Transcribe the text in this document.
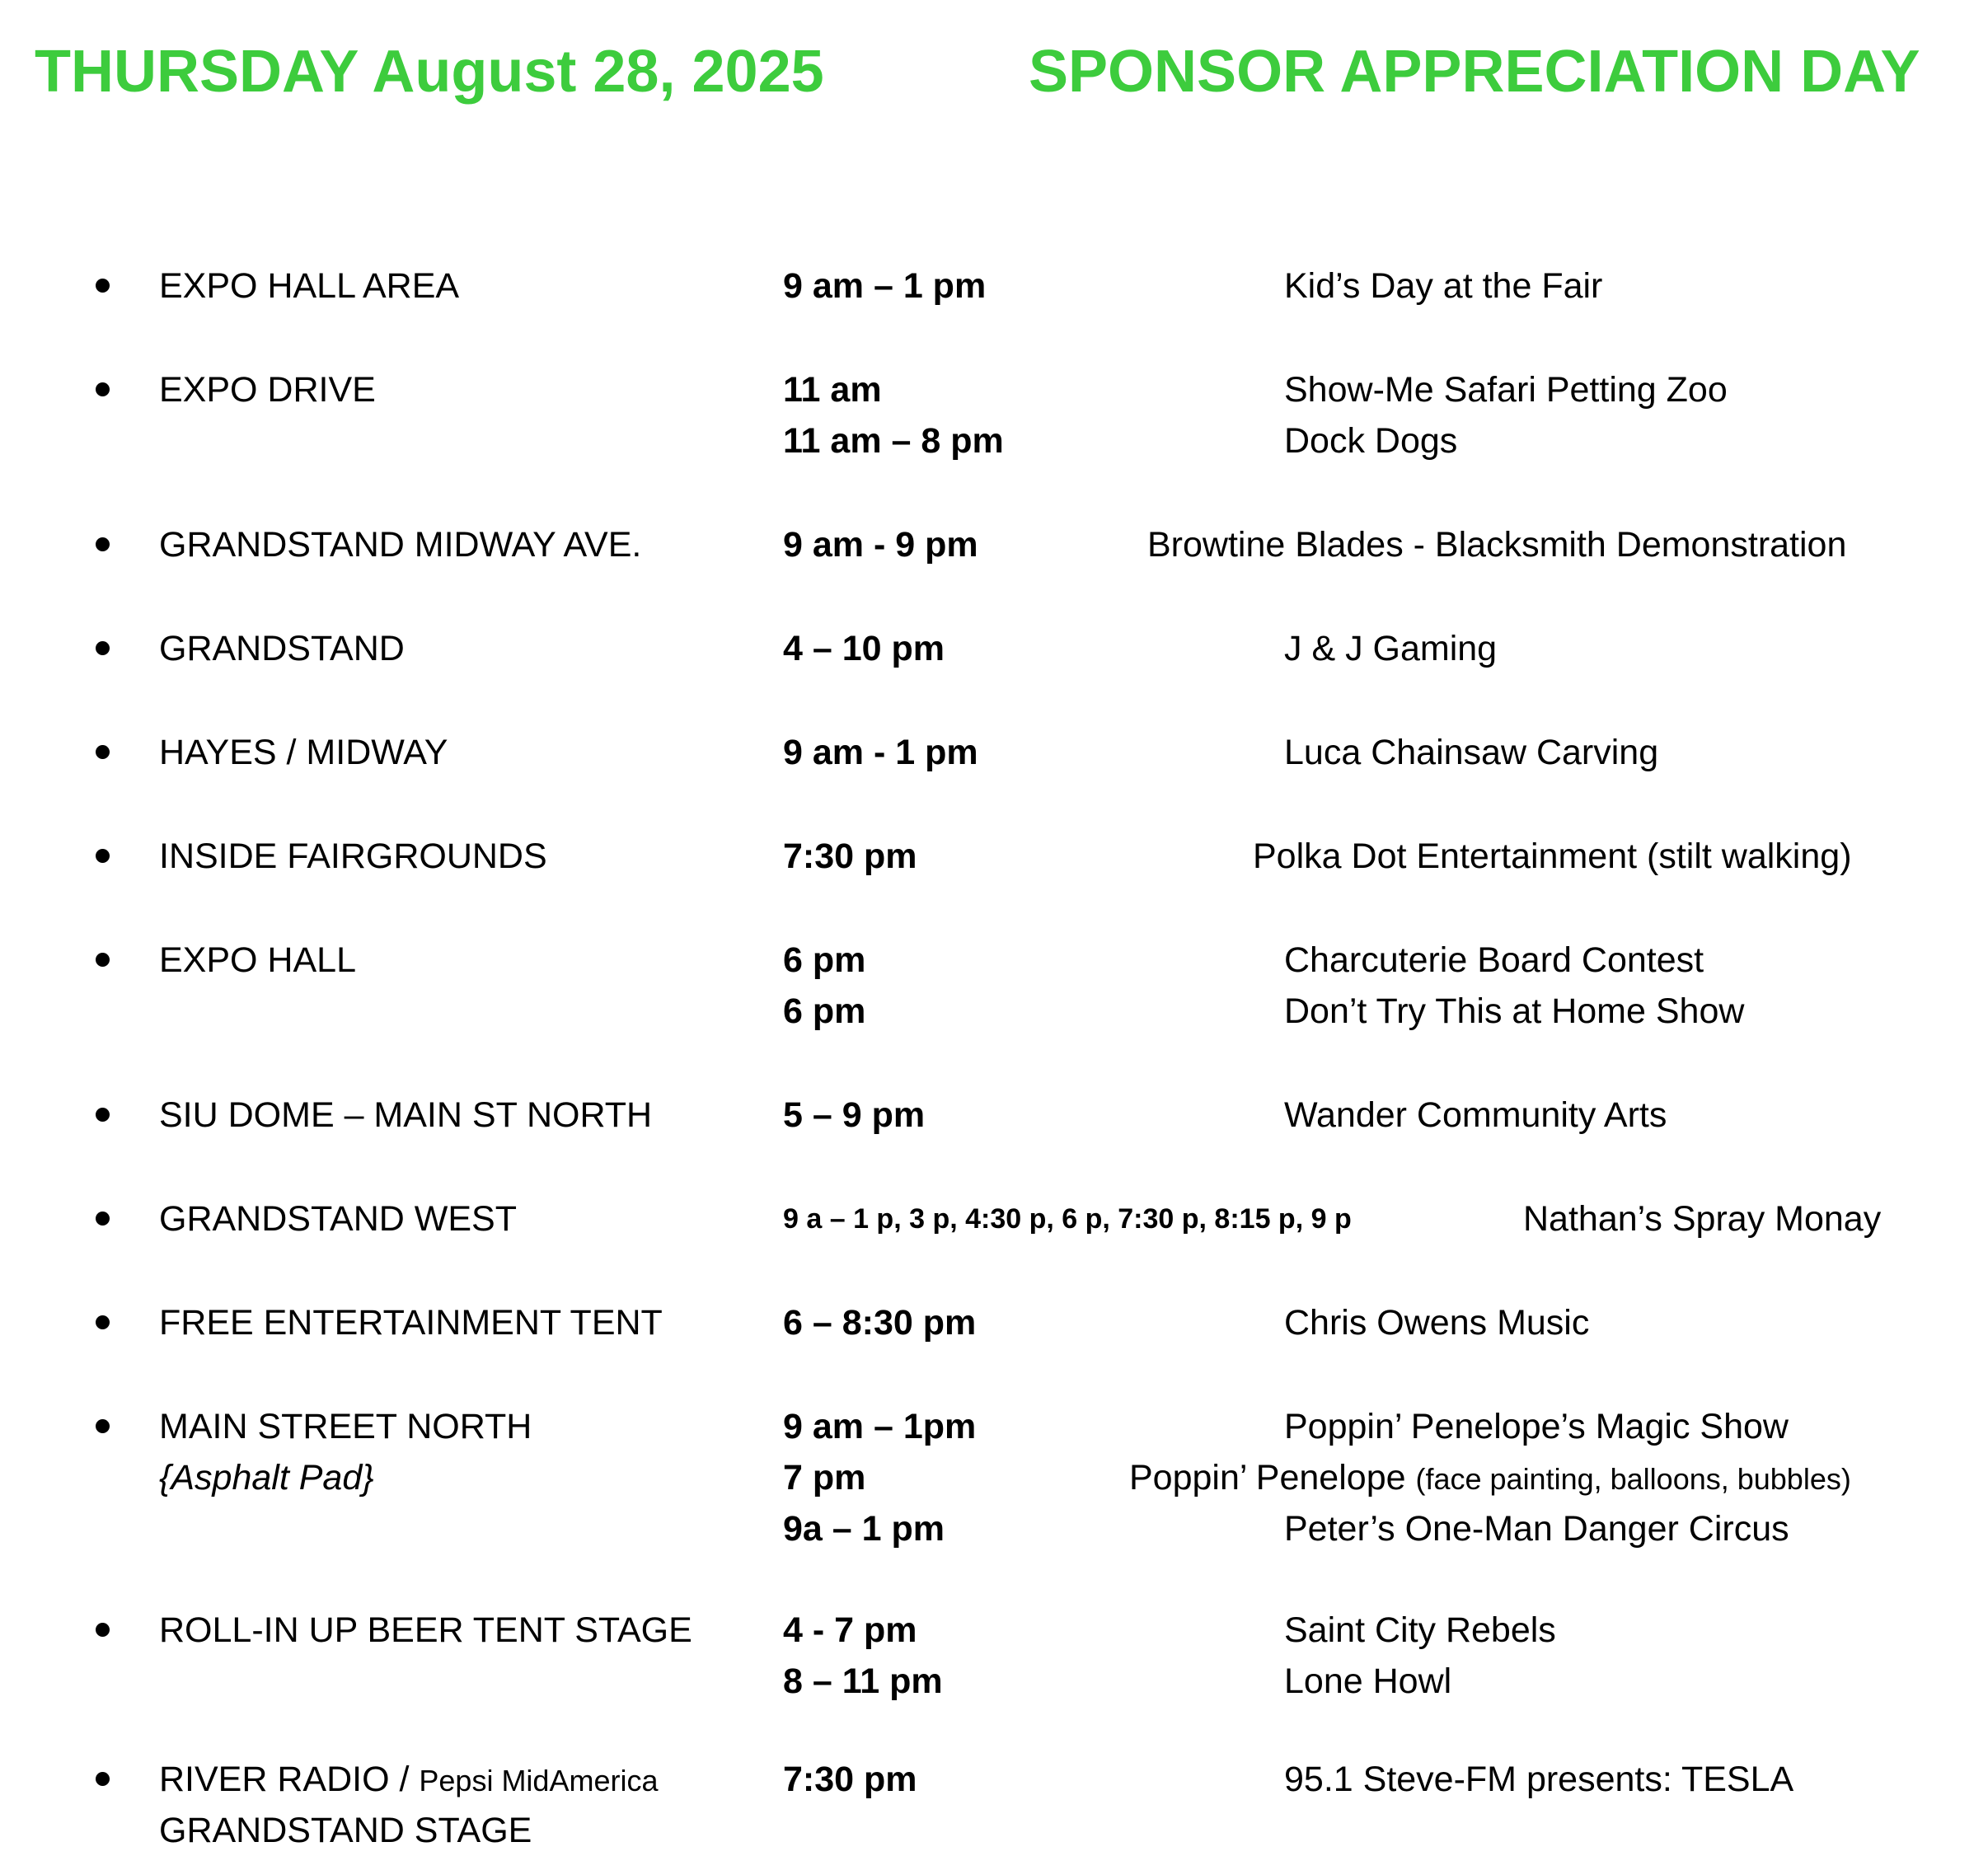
THURSDAY August 28, 2025	SPONSOR APPRECIATION DAY
EXPO HALL AREA	9 am – 1 pm	Kid’s Day at the Fair
EXPO DRIVE	11 am	Show-Me Safari Petting Zoo
11 am – 8 pm	Dock Dogs
GRANDSTAND MIDWAY AVE.	9 am - 9 pm	Browtine Blades - Blacksmith Demonstration
GRANDSTAND	4 – 10 pm	J & J Gaming
HAYES / MIDWAY	9 am - 1 pm	Luca Chainsaw Carving
INSIDE FAIRGROUNDS	7:30 pm	Polka Dot Entertainment (stilt walking)
EXPO HALL	6 pm	Charcuterie Board Contest
6 pm	Don’t Try This at Home Show
SIU DOME – MAIN ST NORTH	5 – 9 pm	Wander Community Arts
GRANDSTAND WEST	9 a – 1 p, 3 p, 4:30 p, 6 p, 7:30 p, 8:15 p, 9 p	Nathan’s Spray Monay
FREE ENTERTAINMENT TENT	6 – 8:30 pm	Chris Owens Music
MAIN STREET NORTH
{Asphalt Pad}
9 am – 1pm	Poppin’ Penelope’s Magic Show
7 pm	Poppin’ Penelope (face painting, balloons, bubbles)
9a – 1 pm	Peter’s One-Man Danger Circus
ROLL-IN UP BEER TENT STAGE	4 - 7 pm	Saint City Rebels
8 – 11 pm	Lone Howl
RIVER RADIO / Pepsi MidAmerica
GRANDSTAND STAGE
7:30 pm	95.1 Steve-FM presents: TESLA
